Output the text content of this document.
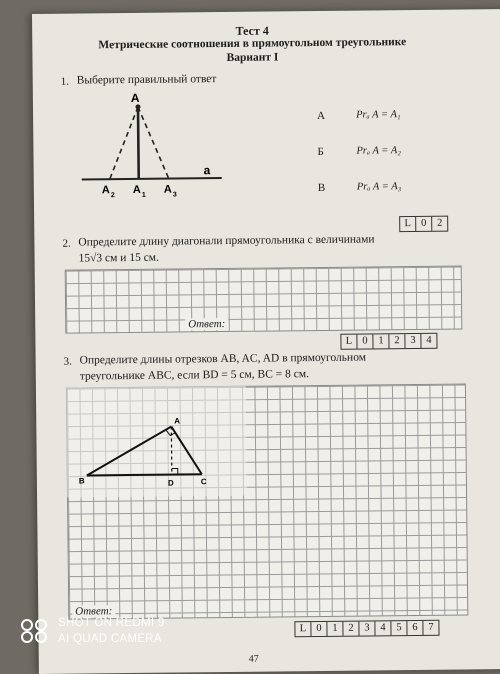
Тест 4
Метрические соотношения в прямоугольном треугольнике
Вариант I
1. Выберите правильный ответ
A
a
A 2 A 1 A 3
А	Prₐ A = A₁
Б	Prₐ A = A₂
В	Prₐ A = A₃
L 0	2
2. Определите длину диагонали прямоугольника с величинами
15√3 см и 15 см.
Ответ:
L 0	1	2	3	4
3. Определите длины отрезков AB, AC, AD в прямоугольном
треугольнике ABC, если BD = 5 см, BC = 8 см.
A
B	C
D
Ответ:
L 0	1	2	3	4	5	6	7
47
SHOT ON REDMI 9
AI QUAD CAMERA
